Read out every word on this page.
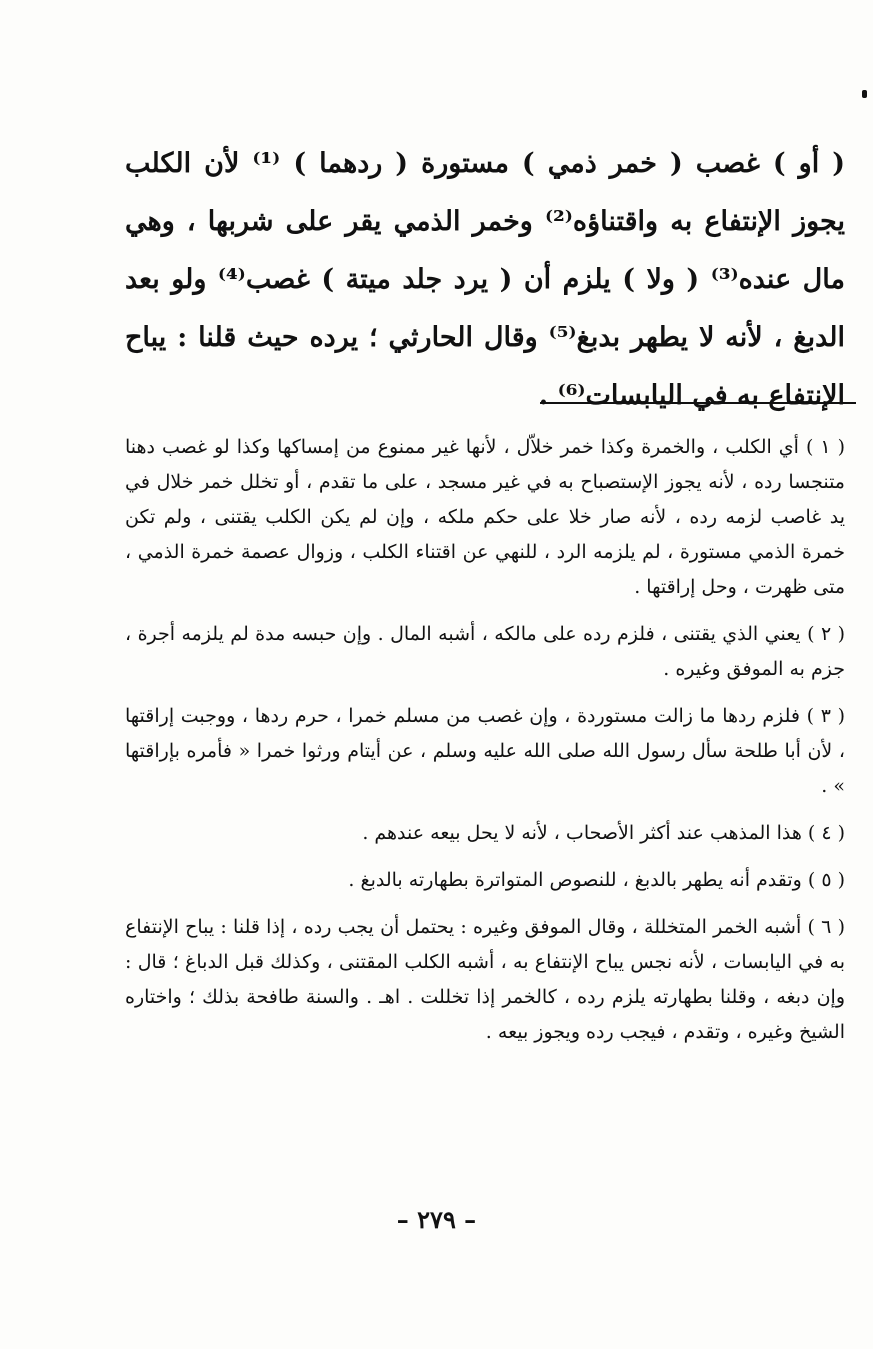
( أو ) غصب ( خمر ذمي ) مستورة ( ردهما ) ⁽¹⁾ لأن الكلب يجوز الإنتفاع به واقتناؤه⁽²⁾ وخمر الذمي يقر على شربها ، وهي مال عنده⁽³⁾ ( ولا ) يلزم أن ( يرد جلد ميتة ) غصب⁽⁴⁾ ولو بعد الدبغ ، لأنه لا يطهر بدبغ⁽⁵⁾ وقال الحارثي ؛ يرده حيث قلنا : يباح الإنتفاع به في اليابسات⁽⁶⁾ .

( ١ ) أي الكلب ، والخمرة وكذا خمر خلاّل ، لأنها غير ممنوع من إمساكها وكذا لو غصب دهنا متنجسا رده ، لأنه يجوز الإستصباح به في غير مسجد ، على ما تقدم ، أو تخلل خمر خلال في يد غاصب لزمه رده ، لأنه صار خلا على حكم ملكه ، وإن لم يكن الكلب يقتنى ، ولم تكن خمرة الذمي مستورة ، لم يلزمه الرد ، للنهي عن اقتناء الكلب ، وزوال عصمة خمرة الذمي ، متى ظهرت ، وحل إراقتها .

( ٢ ) يعني الذي يقتنى ، فلزم رده على مالكه ، أشبه المال . وإن حبسه مدة لم يلزمه أجرة ، جزم به الموفق وغيره .

( ٣ ) فلزم ردها ما زالت مستوردة ، وإن غصب من مسلم خمرا ، حرم ردها ، ووجبت إراقتها ، لأن أبا طلحة سأل رسول الله صلى الله عليه وسلم ، عن أيتام ورثوا خمرا « فأمره بإراقتها » .

( ٤ ) هذا المذهب عند أكثر الأصحاب ، لأنه لا يحل بيعه عندهم .

( ٥ ) وتقدم أنه يطهر بالدبغ ، للنصوص المتواترة بطهارته بالدبغ .

( ٦ ) أشبه الخمر المتخللة ، وقال الموفق وغيره : يحتمل أن يجب رده ، إذا قلنا : يباح الإنتفاع به في اليابسات ، لأنه نجس يباح الإنتفاع به ، أشبه الكلب المقتنى ، وكذلك قبل الدباغ ؛ قال : وإن دبغه ، وقلنا بطهارته يلزم رده ، كالخمر إذا تخللت . اهـ . والسنة طافحة بذلك ؛ واختاره الشيخ وغيره ، وتقدم ، فيجب رده ويجوز بيعه .

– ٢٧٩ –
